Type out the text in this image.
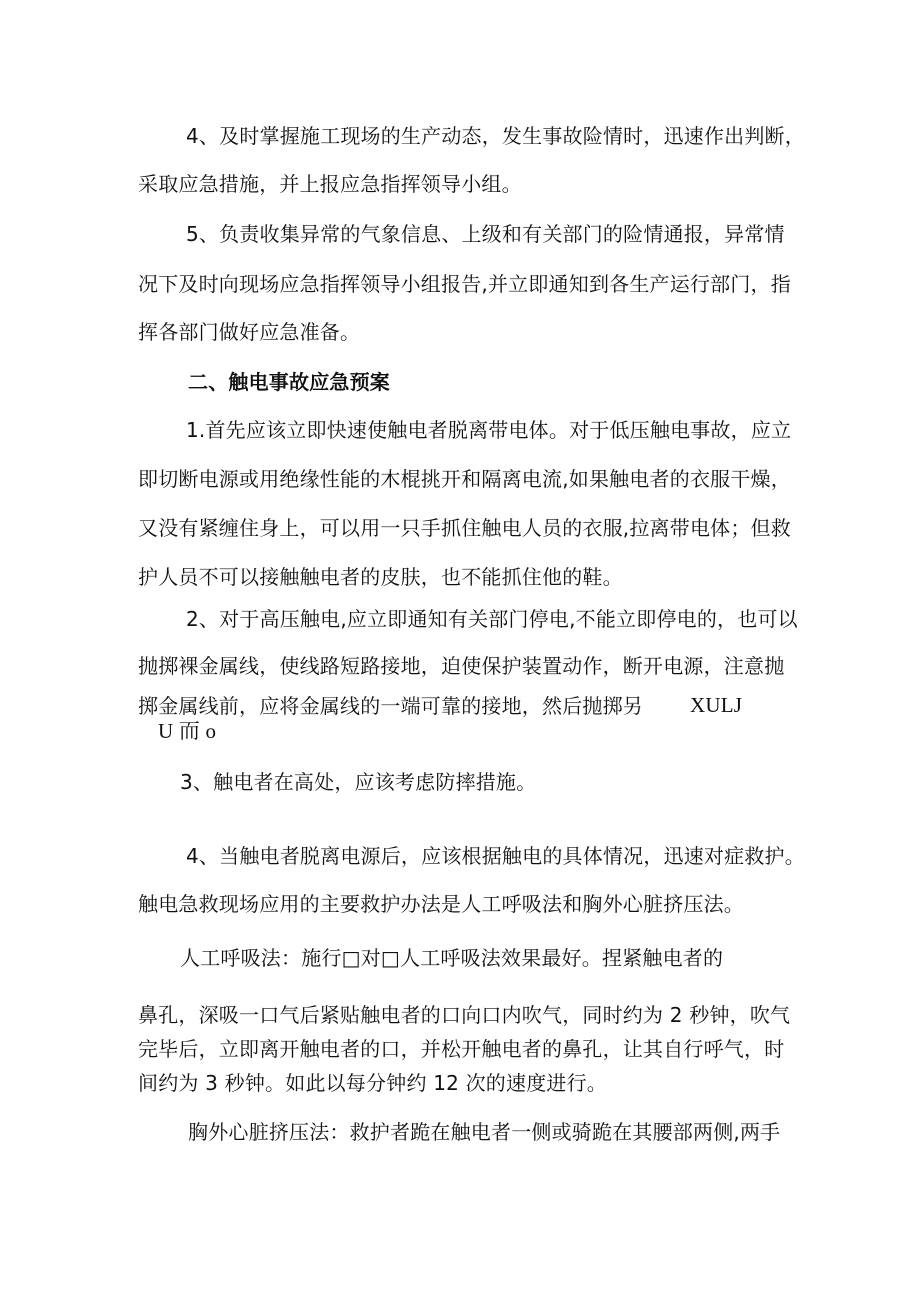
4、及时掌握施工现场的生产动态，发生事故险情时，迅速作出判断，
采取应急措施，并上报应急指挥领导小组。
5、负责收集异常的气象信息、上级和有关部门的险情通报，异常情
况下及时向现场应急指挥领导小组报告,并立即通知到各生产运行部门，指
挥各部门做好应急准备。
二、触电事故应急预案
1.首先应该立即快速使触电者脱离带电体。对于低压触电事故，应立
即切断电源或用绝缘性能的木棍挑开和隔离电流,如果触电者的衣服干燥，
又没有紧缠住身上，可以用一只手抓住触电人员的衣服,拉离带电体；但救
护人员不可以接触触电者的皮肤，也不能抓住他的鞋。
2、对于高压触电,应立即通知有关部门停电,不能立即停电的，也可以
抛掷裸金属线，使线路短路接地，迫使保护装置动作，断开电源，注意抛
掷金属线前，应将金属线的一端可靠的接地，然后抛掷另 XULJ
U 而 o
3、触电者在高处，应该考虑防摔措施。
4、当触电者脱离电源后，应该根据触电的具体情况，迅速对症救护。
触电急救现场应用的主要救护办法是人工呼吸法和胸外心脏挤压法。
人工呼吸法：施行□对□人工呼吸法效果最好。捏紧触电者的
鼻孔，深吸一口气后紧贴触电者的口向口内吹气，同时约为 2 秒钟，吹气
完毕后，立即离开触电者的口，并松开触电者的鼻孔，让其自行呼气，时
间约为 3 秒钟。如此以每分钟约 12 次的速度进行。
胸外心脏挤压法：救护者跪在触电者一侧或骑跪在其腰部两侧,两手
